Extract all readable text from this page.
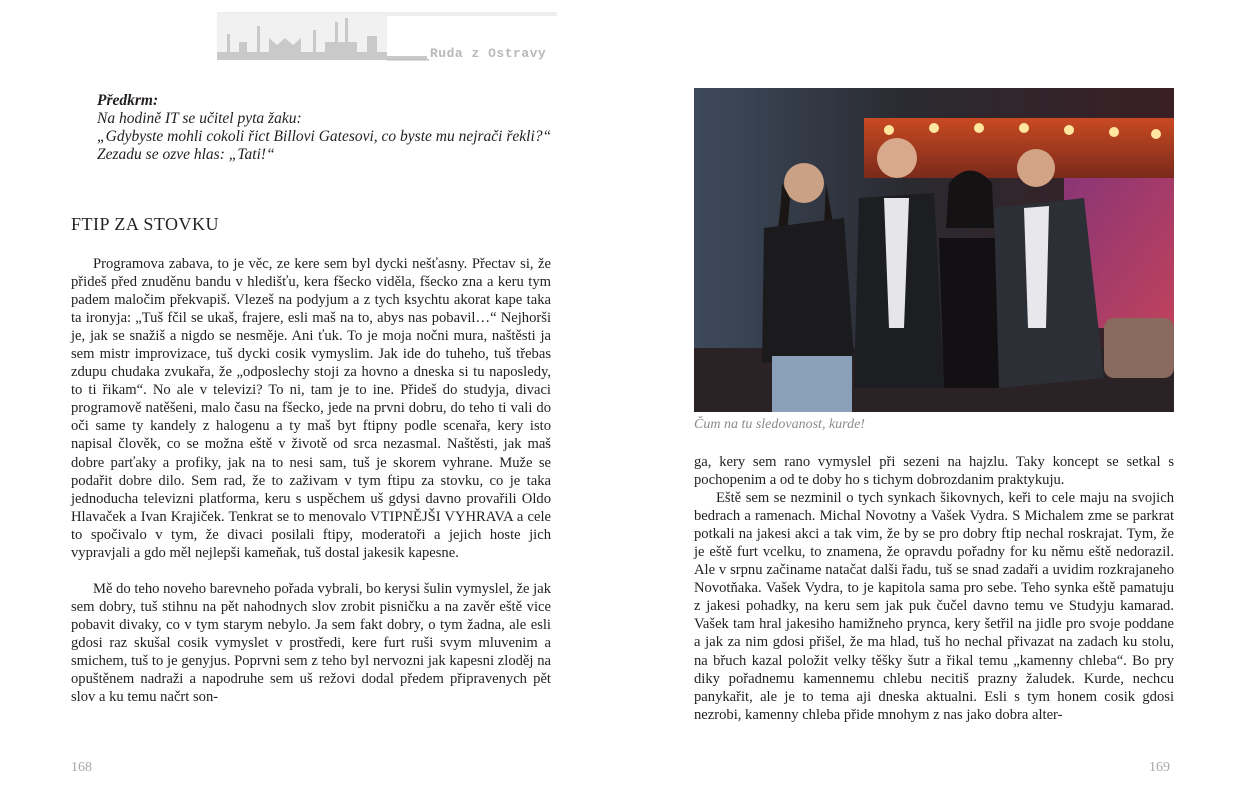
Ruda z Ostravy

Předkrm:

Na hodině IT se učitel pyta žaku:

„Gdybyste mohli cokoli řict Billovi Gatesovi, co byste mu nejrači řekli?“

Zezadu se ozve hlas: „Tati!“

FTIP ZA STOVKU

Programova zabava, to je věc, ze kere sem byl dycki nešťasny. Přectav si, že přideš před znuděnu bandu v hledišťu, kera fšecko viděla, fšecko zna a keru tym padem maločim překvapiš. Vlezeš na podyjum a z tych ksychtu akorat kape taka ta ironyja: „Tuš fčil se ukaš, frajere, esli maš na to, abys nas pobavil…“ Nejhorši je, jak se snažiš a nigdo se nesměje. Ani ťuk. To je moja nočni mura, naštěsti ja sem mistr improvizace, tuš dycki cosik vymyslim. Jak ide do tuheho, tuš třebas zdupu chudaka zvukařa, že „odposlechy stoji za hovno a dneska si tu naposledy, to ti řikam“. No ale v televizi? To ni, tam je to ine. Přideš do studyja, divaci programově natěšeni, malo času na fšecko, jede na prvni dobru, do teho ti vali do oči same ty kandely z halogenu a ty maš byt ftipny podle scenařa, kery isto napisal člověk, co se možna eště v životě od srca nezasmal. Naštěsti, jak maš dobre parťaky a profiky, jak na to nesi sam, tuš je skorem vyhrane. Muže se podařit dobre dilo. Sem rad, že to zaživam v tym ftipu za stovku, co je taka jednoducha televizni platforma, keru s uspěchem uš gdysi davno provařili Oldo Hlavaček a Ivan Krajiček. Tenkrat se to menovalo VTIPNĚJŠI VYHRAVA a cele to spočivalo v tym, že divaci posilali ftipy, moderatoři a jejich hoste jich vypravjali a gdo měl nejlepši kameňak, tuš dostal jakesik kapesne.

Mě do teho noveho barevneho pořada vybrali, bo kerysi šulin vymyslel, že jak sem dobry, tuš stihnu na pět nahodnych slov zrobit pisničku a na zavěr eště vice pobavit divaky, co v tym starym nebylo. Ja sem fakt dobry, o tym žadna, ale esli gdosi raz skušal cosik vymyslet v prostředi, kere furt ruši svym mluvenim a smichem, tuš to je genyjus. Poprvni sem z teho byl nervozni jak kapesni zloděj na opuštěnem nadraži a napodruhe sem uš režovi dodal předem připravenych pět slov a ku temu načrt son-

168
Čum na tu sledovanost, kurde!

ga, kery sem rano vymyslel při sezeni na hajzlu. Taky koncept se setkal s pochopenim a od te doby ho s tichym dobrozdanim praktykuju.

Eště sem se nezminil o tych synkach šikovnych, keři to cele maju na svojich bedrach a ramenach. Michal Novotny a Vašek Vydra. S Michalem zme se parkrat potkali na jakesi akci a tak vim, že by se pro dobry ftip nechal roskrajat. Tym, že je eště furt vcelku, to znamena, že opravdu pořadny for ku němu eště nedorazil. Ale v srpnu začiname natačat dalši řadu, tuš se snad zadaři a uvidim rozkrajaneho Novotňaka. Vašek Vydra, to je kapitola sama pro sebe. Teho synka eště pamatuju z jakesi pohadky, na keru sem jak puk čučel davno temu ve Studyju kamarad. Vašek tam hral jakesiho hamižneho prynca, kery šetřil na jidle pro svoje poddane a jak za nim gdosi přišel, že ma hlad, tuš ho nechal přivazat na zadach ku stolu, na břuch kazal položit velky těšky šutr a řikal temu „kamenny chleba“. Bo pry diky pořadnemu kamennemu chlebu necitiš prazny žaludek. Kurde, nechcu panykařit, ale je to tema aji dneska aktualni. Esli s tym honem cosik gdosi nezrobi, kamenny chleba přide mnohym z nas jako dobra alter-

169
